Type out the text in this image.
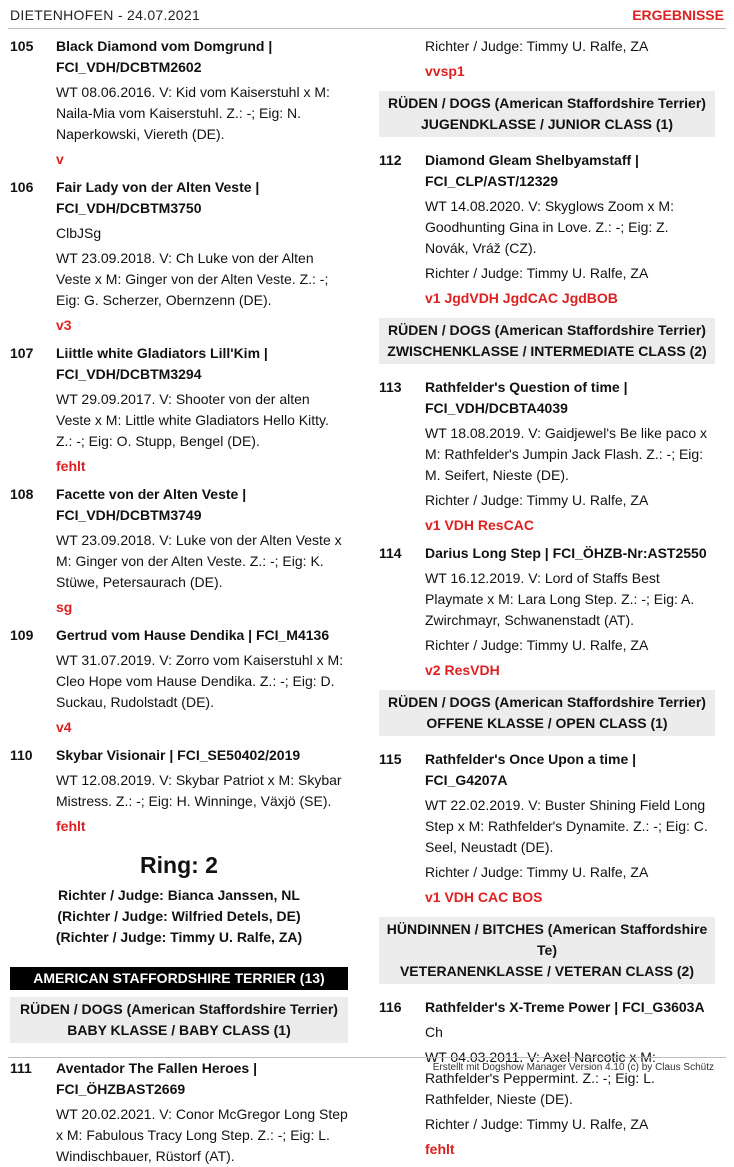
DIETENHOFEN - 24.07.2021	ERGEBNISSE
105 Black Diamond vom Domgrund | FCI_VDH/DCBTM2602
WT 08.06.2016. V: Kid vom Kaiserstuhl x M: Naila-Mia vom Kaiserstuhl. Z.: -; Eig: N. Naperkowski, Viereth (DE).
v
106 Fair Lady von der Alten Veste | FCI_VDH/DCBTM3750
ClbJSg
WT 23.09.2018. V: Ch Luke von der Alten Veste x M: Ginger von der Alten Veste. Z.: -; Eig: G. Scherzer, Obernzenn (DE).
v3
107 Liittle white Gladiators Lill'Kim | FCI_VDH/DCBTM3294
WT 29.09.2017. V: Shooter von der alten Veste x M: Little white Gladiators Hello Kitty. Z.: -; Eig: O. Stupp, Bengel (DE).
fehlt
108 Facette von der Alten Veste | FCI_VDH/DCBTM3749
WT 23.09.2018. V: Luke von der Alten Veste x M: Ginger von der Alten Veste. Z.: -; Eig: K. Stüwe, Petersaurach (DE).
sg
109 Gertrud vom Hause Dendika | FCI_M4136
WT 31.07.2019. V: Zorro vom Kaiserstuhl x M: Cleo Hope vom Hause Dendika. Z.: -; Eig: D. Suckau, Rudolstadt (DE).
v4
110 Skybar Visionair | FCI_SE50402/2019
WT 12.08.2019. V: Skybar Patriot x M: Skybar Mistress. Z.: -; Eig: H. Winninge, Växjö (SE).
fehlt
Ring: 2
Richter / Judge: Bianca Janssen, NL
(Richter / Judge: Wilfried Detels, DE)
(Richter / Judge: Timmy U. Ralfe, ZA)
AMERICAN STAFFORDSHIRE TERRIER (13)
RÜDEN / DOGS (American Staffordshire Terrier)
BABY KLASSE / BABY CLASS (1)
111 Aventador The Fallen Heroes | FCI_ÖHZBAST2669
WT 20.02.2021. V: Conor McGregor Long Step x M: Fabulous Tracy Long Step. Z.: -; Eig: L. Windischbauer, Rüstorf (AT).
Richter / Judge: Timmy U. Ralfe, ZA
vvsp1
RÜDEN / DOGS (American Staffordshire Terrier)
JUGENDKLASSE / JUNIOR CLASS (1)
112 Diamond Gleam Shelbyamstaff | FCI_CLP/AST/12329
WT 14.08.2020. V: Skyglows Zoom x M: Goodhunting Gina in Love. Z.: -; Eig: Z. Novák, Vráž (CZ).
Richter / Judge: Timmy U. Ralfe, ZA
v1 JgdVDH JgdCAC JgdBOB
RÜDEN / DOGS (American Staffordshire Terrier)
ZWISCHENKLASSE / INTERMEDIATE CLASS (2)
113 Rathfelder's Question of time | FCI_VDH/DCBTA4039
WT 18.08.2019. V: Gaidjewel's Be like paco x M: Rathfelder's Jumpin Jack Flash. Z.: -; Eig: M. Seifert, Nieste (DE).
Richter / Judge: Timmy U. Ralfe, ZA
v1 VDH ResCAC
114 Darius Long Step | FCI_ÖHZB-Nr:AST2550
WT 16.12.2019. V: Lord of Staffs Best Playmate x M: Lara Long Step. Z.: -; Eig: A. Zwirchmayr, Schwanenstadt (AT).
Richter / Judge: Timmy U. Ralfe, ZA
v2 ResVDH
RÜDEN / DOGS (American Staffordshire Terrier)
OFFENE KLASSE / OPEN CLASS (1)
115 Rathfelder's Once Upon a time | FCI_G4207A
WT 22.02.2019. V: Buster Shining Field Long Step x M: Rathfelder's Dynamite. Z.: -; Eig: C. Seel, Neustadt (DE).
Richter / Judge: Timmy U. Ralfe, ZA
v1 VDH CAC BOS
HÜNDINNEN / BITCHES (American Staffordshire Te)
VETERANENKLASSE / VETERAN CLASS (2)
116 Rathfelder's X-Treme Power | FCI_G3603A
Ch
WT 04.03.2011. V: Axel Narcotic x M: Rathfelder's Peppermint. Z.: -; Eig: L. Rathfelder, Nieste (DE).
Richter / Judge: Timmy U. Ralfe, ZA
fehlt
Erstellt mit Dogshow Manager Version 4.10 (c) by Claus Schütz
